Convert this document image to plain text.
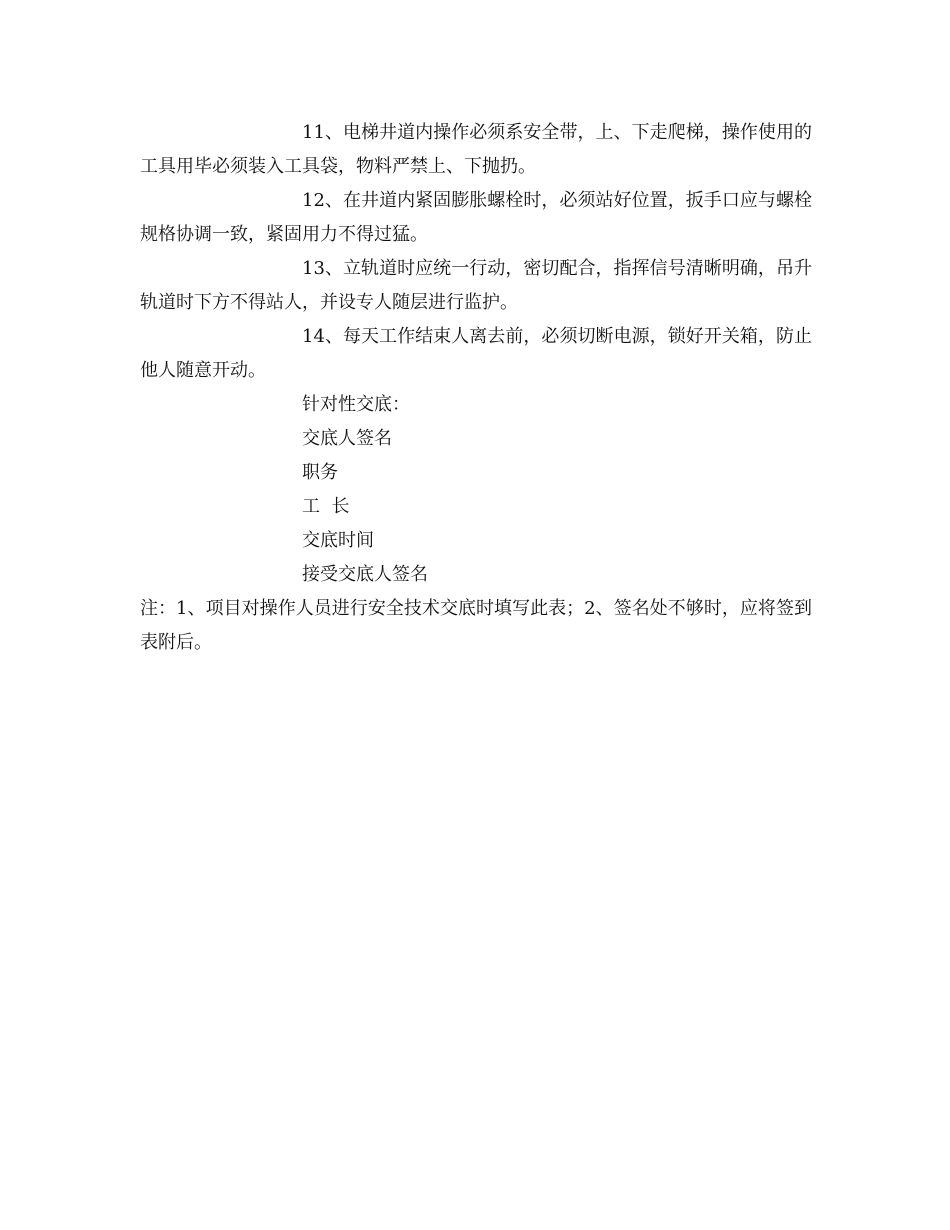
11、电梯井道内操作必须系安全带，上、下走爬梯，操作使用的工具用毕必须装入工具袋，物料严禁上、下抛扔。

12、在井道内紧固膨胀螺栓时，必须站好位置，扳手口应与螺栓规格协调一致，紧固用力不得过猛。

13、立轨道时应统一行动，密切配合，指挥信号清晰明确，吊升轨道时下方不得站人，并设专人随层进行监护。

14、每天工作结束人离去前，必须切断电源，锁好开关箱，防止他人随意开动。

针对性交底：

交底人签名

职务

工  长

交底时间

接受交底人签名

注：1、项目对操作人员进行安全技术交底时填写此表；2、签名处不够时，应将签到表附后。
